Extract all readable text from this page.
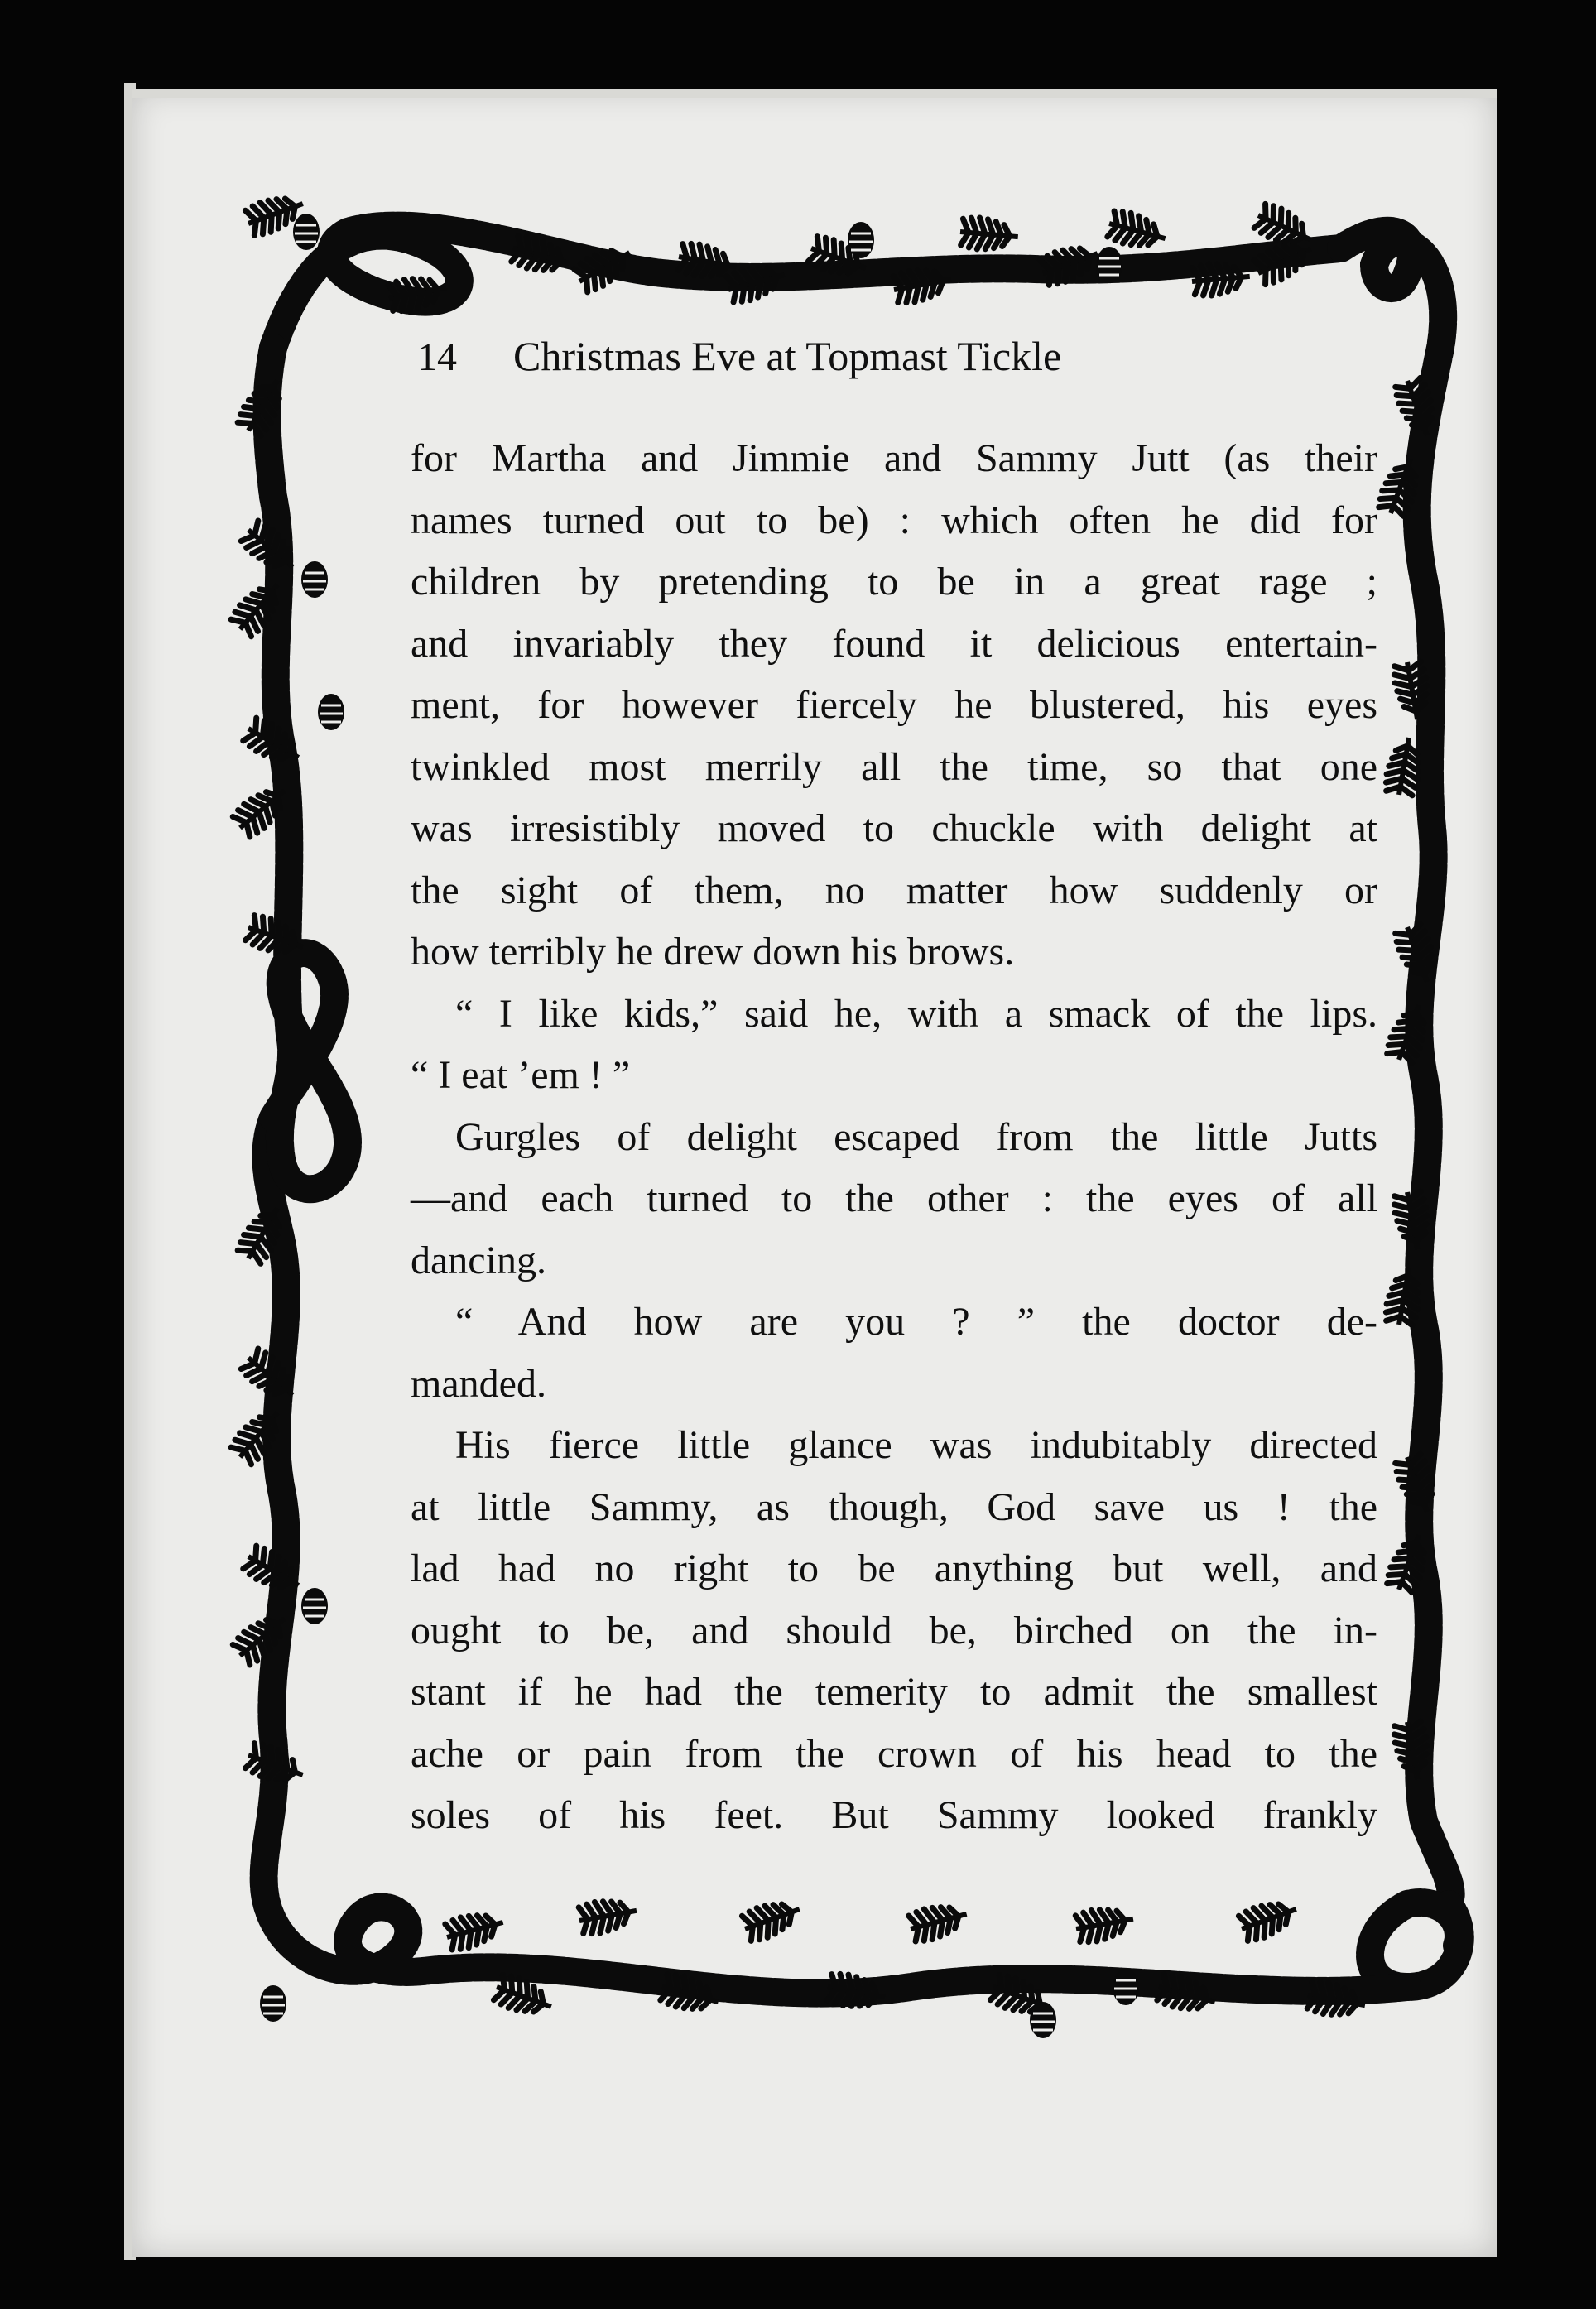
14 Christmas Eve at Topmast Tickle
for Martha and Jimmie and Sammy Jutt (as their
names turned out to be) : which often he did for
children by pretending to be in a great rage ;
and invariably they found it delicious entertain-
ment, for however fiercely he blustered, his eyes
twinkled most merrily all the time, so that one
was irresistibly moved to chuckle with delight at
the sight of them, no matter how suddenly or
how terribly he drew down his brows.
“ I like kids,” said he, with a smack of the lips.
“ I eat ’em ! ”
Gurgles of delight escaped from the little Jutts
—and each turned to the other : the eyes of all
dancing.
“ And how are you ? ” the doctor de-
manded.
His fierce little glance was indubitably directed
at little Sammy, as though, God save us ! the
lad had no right to be anything but well, and
ought to be, and should be, birched on the in-
stant if he had the temerity to admit the smallest
ache or pain from the crown of his head to the
soles of his feet. But Sammy looked frankly
